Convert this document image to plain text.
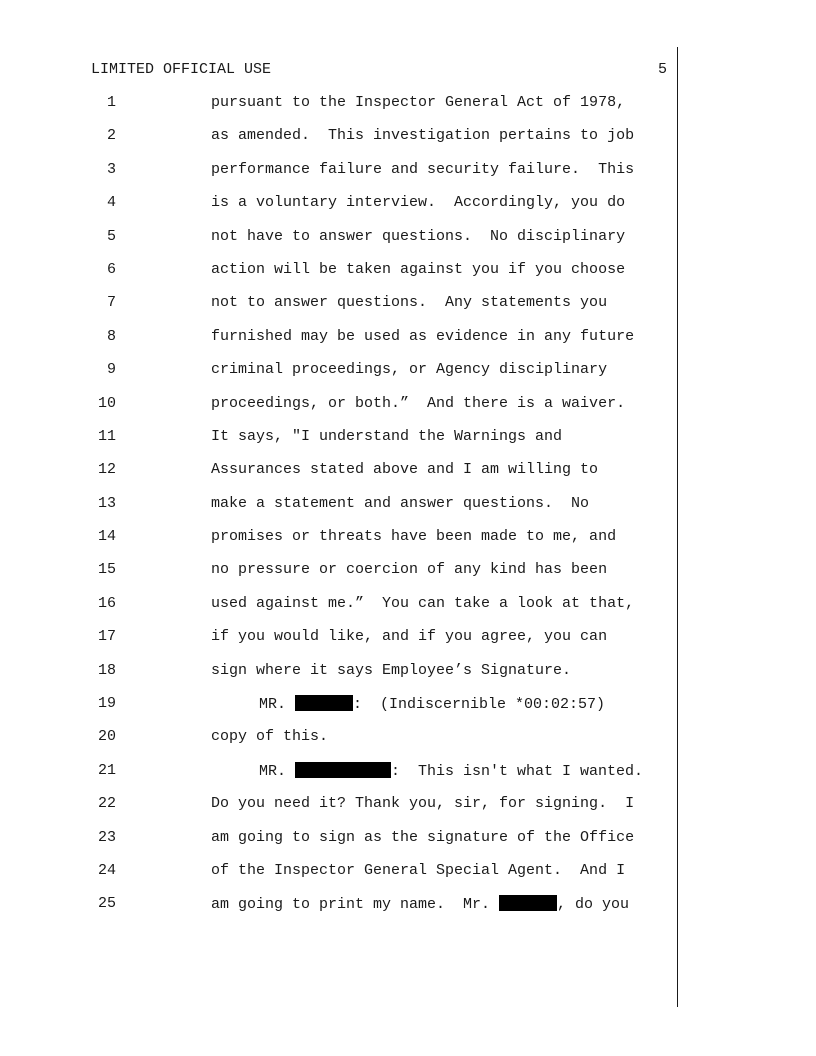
LIMITED OFFICIAL USE	5
1	pursuant to the Inspector General Act of 1978,
2	as amended.  This investigation pertains to job
3	performance failure and security failure.  This
4	is a voluntary interview.  Accordingly, you do
5	not have to answer questions.  No disciplinary
6	action will be taken against you if you choose
7	not to answer questions.  Any statements you
8	furnished may be used as evidence in any future
9	criminal proceedings, or Agency disciplinary
10	proceedings, or both.”  And there is a waiver.
11	It says, "I understand the Warnings and
12	Assurances stated above and I am willing to
13	make a statement and answer questions.  No
14	promises or threats have been made to me, and
15	no pressure or coercion of any kind has been
16	used against me.”  You can take a look at that,
17	if you would like, and if you agree, you can
18	sign where it says Employee’s Signature.
19	MR.	:  (Indiscernible *00:02:57)
20	copy of this.
21	MR.	:  This isn't what I wanted.
22	Do you need it? Thank you, sir, for signing.  I
23	am going to sign as the signature of the Office
24	of the Inspector General Special Agent.  And I
25	am going to print my name.  Mr.	, do you
